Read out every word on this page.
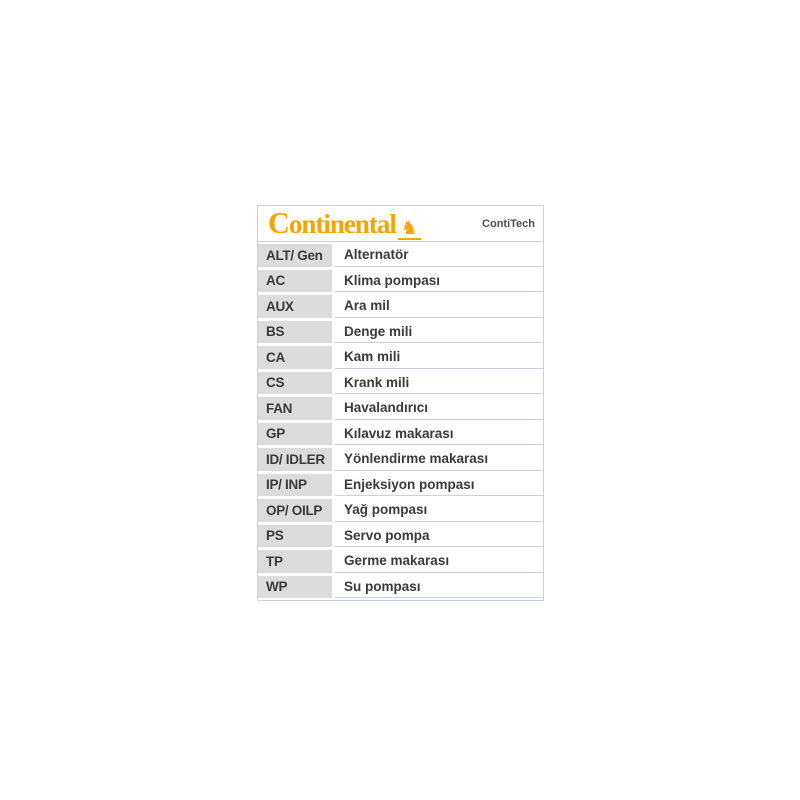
Continental ♞	ContiTech
ALT/ Gen	Alternatör
AC	Klima pompası
AUX	Ara mil
BS	Denge mili
CA	Kam mili
CS	Krank mili
FAN	Havalandırıcı
GP	Kılavuz makarası
ID/ IDLER	Yönlendirme makarası
IP/ INP	Enjeksiyon pompası
OP/ OILP	Yağ pompası
PS	Servo pompa
TP	Germe makarası
WP	Su pompası
